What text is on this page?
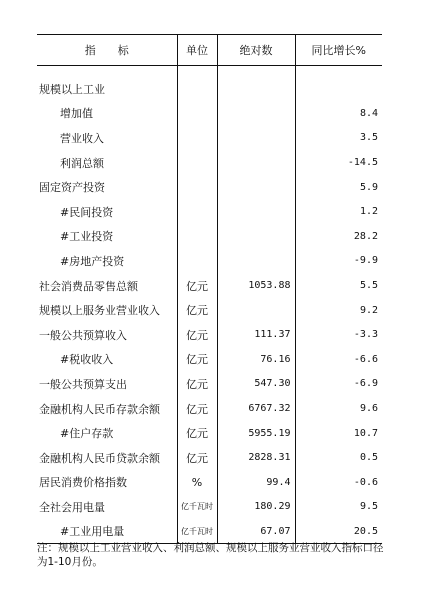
指标	单位	绝对数	同比增长%

规模以上工业			
增加值			8.4
营业收入			3.5
利润总额			-14.5
固定资产投资			5.9
#民间投资			1.2
#工业投资			28.2
#房地产投资			-9.9
社会消费品零售总额	亿元	1053.88	5.5
规模以上服务业营业收入	亿元		9.2
一般公共预算收入	亿元	111.37	-3.3
#税收收入	亿元	76.16	-6.6
一般公共预算支出	亿元	547.30	-6.9
金融机构人民币存款余额	亿元	6767.32	9.6
#住户存款	亿元	5955.19	10.7
金融机构人民币贷款余额	亿元	2828.31	0.5
居民消费价格指数	%	99.4	-0.6
全社会用电量	亿千瓦时	180.29	9.5
#工业用电量	亿千瓦时	67.07	20.5

注：规模以上工业营业收入、利润总额、规模以上服务业营业收入指标口径为1-10月份。
